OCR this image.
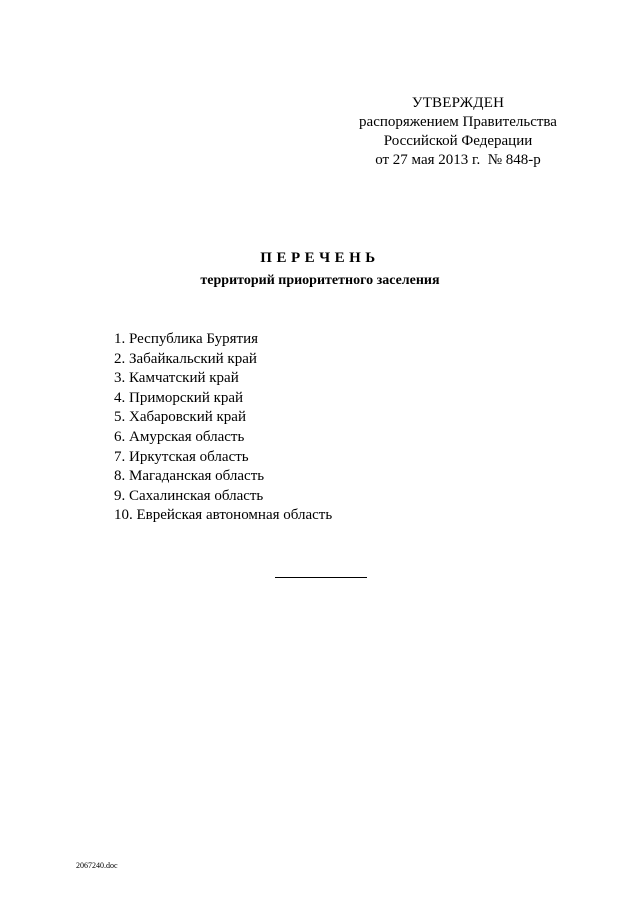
УТВЕРЖДЕН
распоряжением Правительства
Российской Федерации
от 27 мая 2013 г.  № 848-р
ПЕРЕЧЕНЬ
территорий приоритетного заселения
1. Республика Бурятия
2. Забайкальский край
3. Камчатский край
4. Приморский край
5. Хабаровский край
6. Амурская область
7. Иркутская область
8. Магаданская область
9. Сахалинская область
10. Еврейская автономная область
2067240.doc
